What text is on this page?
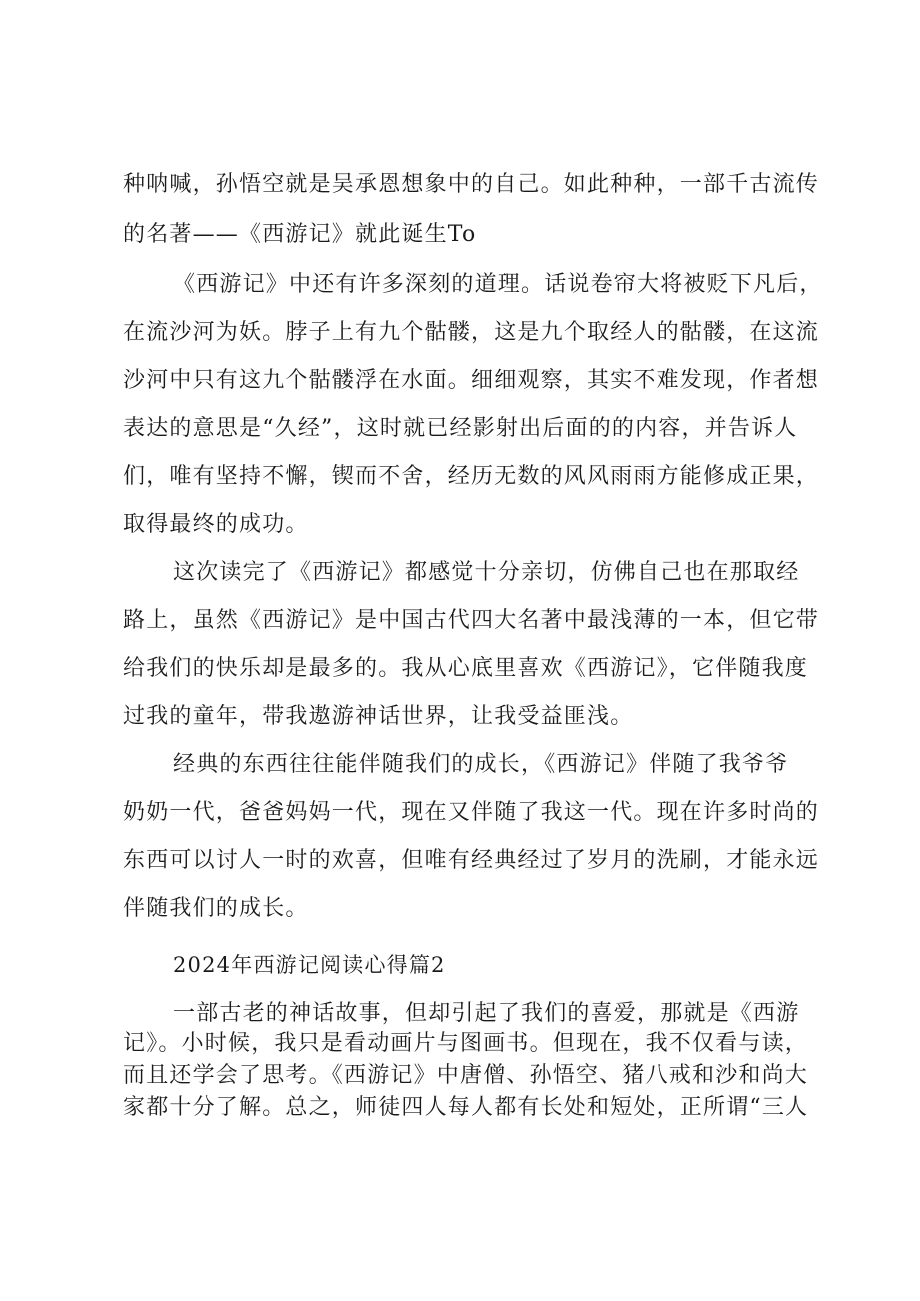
种呐喊，孙悟空就是吴承恩想象中的自己。如此种种，一部千古流传
的名著——《西游记》就此诞生To
《西游记》中还有许多深刻的道理。话说卷帘大将被贬下凡后，
在流沙河为妖。脖子上有九个骷髅，这是九个取经人的骷髅，在这流
沙河中只有这九个骷髅浮在水面。细细观察，其实不难发现，作者想
表达的意思是“久经”，这时就已经影射出后面的的内容，并告诉人
们，唯有坚持不懈，锲而不舍，经历无数的风风雨雨方能修成正果，
取得最终的成功。
这次读完了《西游记》都感觉十分亲切，仿佛自己也在那取经
路上，虽然《西游记》是中国古代四大名著中最浅薄的一本，但它带
给我们的快乐却是最多的。我从心底里喜欢《西游记》，它伴随我度
过我的童年，带我遨游神话世界，让我受益匪浅。
经典的东西往往能伴随我们的成长，《西游记》伴随了我爷爷
奶奶一代，爸爸妈妈一代，现在又伴随了我这一代。现在许多时尚的
东西可以讨人一时的欢喜，但唯有经典经过了岁月的洗刷，才能永远
伴随我们的成长。
2024年西游记阅读心得篇2
一部古老的神话故事，但却引起了我们的喜爱，那就是《西游
记》。小时候，我只是看动画片与图画书。但现在，我不仅看与读，
而且还学会了思考。《西游记》中唐僧、孙悟空、猪八戒和沙和尚大
家都十分了解。总之，师徒四人每人都有长处和短处，正所谓“三人
